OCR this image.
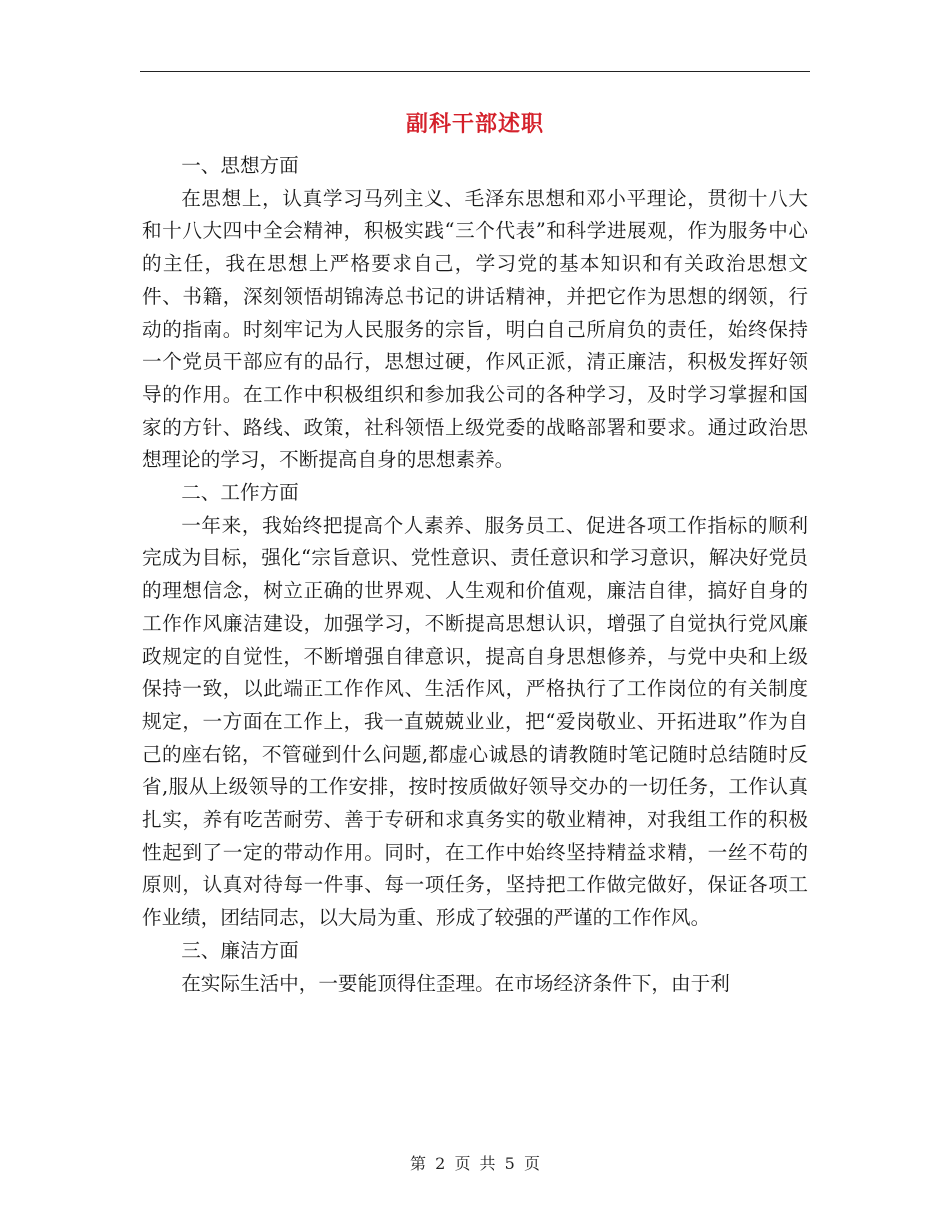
副科干部述职

一、思想方面

在思想上，认真学习马列主义、毛泽东思想和邓小平理论，贯彻十八大和十八大四中全会精神，积极实践“三个代表”和科学进展观，作为服务中心的主任，我在思想上严格要求自己，学习党的基本知识和有关政治思想文件、书籍，深刻领悟胡锦涛总书记的讲话精神，并把它作为思想的纲领，行动的指南。时刻牢记为人民服务的宗旨，明白自己所肩负的责任，始终保持一个党员干部应有的品行，思想过硬，作风正派，清正廉洁，积极发挥好领导的作用。在工作中积极组织和参加我公司的各种学习，及时学习掌握和国家的方针、路线、政策，社科领悟上级党委的战略部署和要求。通过政治思想理论的学习，不断提高自身的思想素养。

二、工作方面

一年来，我始终把提高个人素养、服务员工、促进各项工作指标的顺利完成为目标，强化“宗旨意识、党性意识、责任意识和学习意识，解决好党员的理想信念，树立正确的世界观、人生观和价值观，廉洁自律，搞好自身的工作作风廉洁建设，加强学习，不断提高思想认识，增强了自觉执行党风廉政规定的自觉性，不断增强自律意识，提高自身思想修养，与党中央和上级保持一致，以此端正工作作风、生活作风，严格执行了工作岗位的有关制度规定，一方面在工作上，我一直兢兢业业，把“爱岗敬业、开拓进取”作为自己的座右铭，不管碰到什么问题,都虚心诚恳的请教随时笔记随时总结随时反省,服从上级领导的工作安排，按时按质做好领导交办的一切任务，工作认真扎实，养有吃苦耐劳、善于专研和求真务实的敬业精神，对我组工作的积极性起到了一定的带动作用。同时，在工作中始终坚持精益求精，一丝不苟的原则，认真对待每一件事、每一项任务，坚持把工作做完做好，保证各项工作业绩，团结同志，以大局为重、形成了较强的严谨的工作作风。

三、廉洁方面

在实际生活中，一要能顶得住歪理。在市场经济条件下，由于利

第 2 页 共 5 页
